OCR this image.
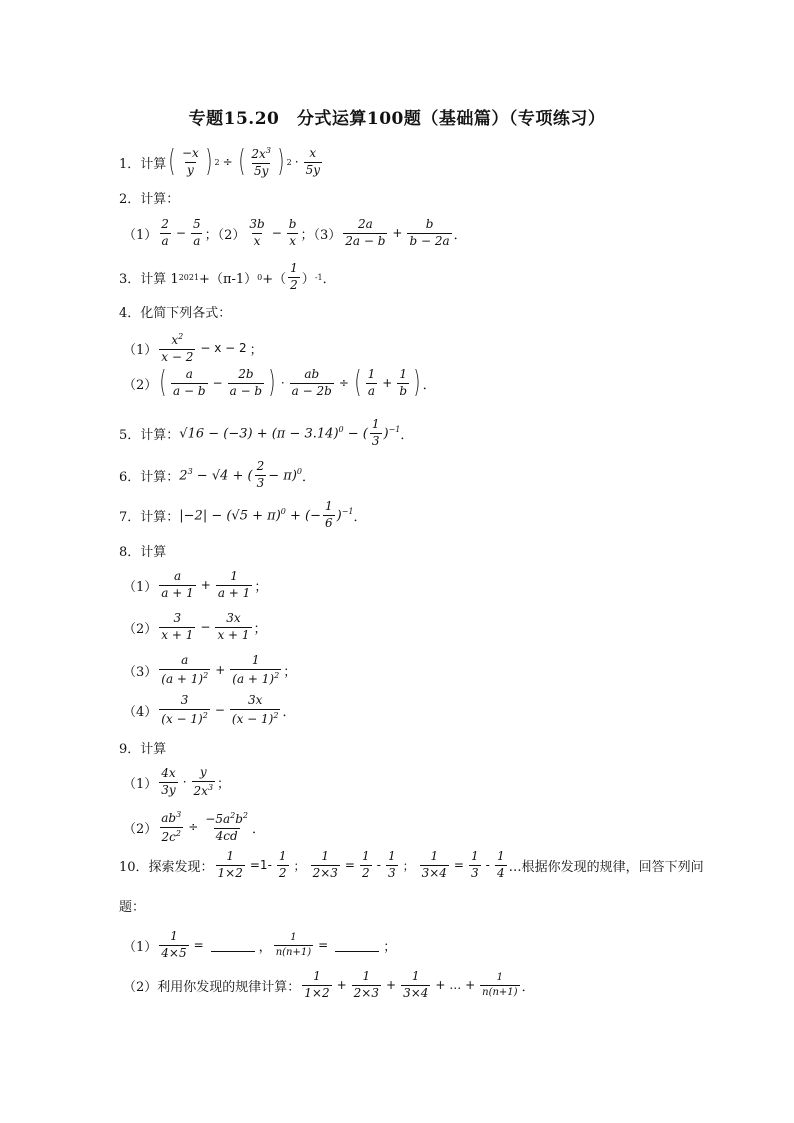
专题15.20　分式运算100题（基础篇）（专项练习）
1．计算 ( $\frac{-x}{y}$ ) 2 ÷ ( $\frac{2x^3}{5y}$ ) $2 \cdot \frac{x}{5y}$
2．计算：
$(1) \frac{2}{a} - \frac{5}{a}$ ；$(2) \frac{3b}{x} - \frac{b}{x}$ ；$(3) \frac{2a}{2a - b} + \frac{b}{b - 2a}$ ．
3．计算 1 2021 +（π-1） 0 +（ $\frac{1}{2}$ ） -1 ．
4．化简下列各式：
$(1) \frac{x^2}{x - 2} - x - 2$ ；
（2） ( $\frac{a}{a - b} - \frac{2b}{a - b}$ ) · $\frac{ab}{a - 2b}$ ÷ ( $\frac{1}{a} + \frac{1}{b}$ ) ．
5．计算： $√16 - (-3) + (\pi - 3.14)^0$ − ( $\frac{1}{3} )^{-1}$ ．
6．计算： $2^3 - √4$ + ( $\frac{2}{3} - \pi)^0$ ．
7．计算： $|-2| - (√5 + \pi)^0$ + (− $\frac{1}{6} )^{-1}$ ．
8．计算
$(1) \frac{a}{a + 1} + \frac{1}{a + 1}$ ；
$(2) \frac{3}{x + 1} - \frac{3x}{x + 1}$ ；
$(3) \frac{a}{(a + 1)^2} + \frac{1}{(a + 1)^2}$ ；
$(4) \frac{3}{(x - 1)^2} - \frac{3x}{(x - 1)^2}$ ．
9．计算
$(1) \frac{4x}{3y} \cdot \frac{y}{2x^3}$ ；
$(2) \frac{ab^3}{2c^2} \div \frac{-5a^2b^2}{4cd}$ ．
10．探索发现： $\frac{1}{1\times 2} =1- \frac{1}{2}$ ； $\frac{1}{2\times 3} = \frac{1}{2} - \frac{1}{3}$ ； $\frac{1}{3\times 4} = \frac{1}{3} - \frac{1}{4}$ …根据你发现的规律，回答下列问
题：
$(1) \frac{1}{4\times 5}$ =	， $\frac{1}{n(n+1)}$ =	；
（2）利用你发现的规律计算： $\frac{1}{1\times 2} + \frac{1}{2\times 3} + \frac{1}{3\times 4}$ + … + $\frac{1}{n(n+1)}$ ．
